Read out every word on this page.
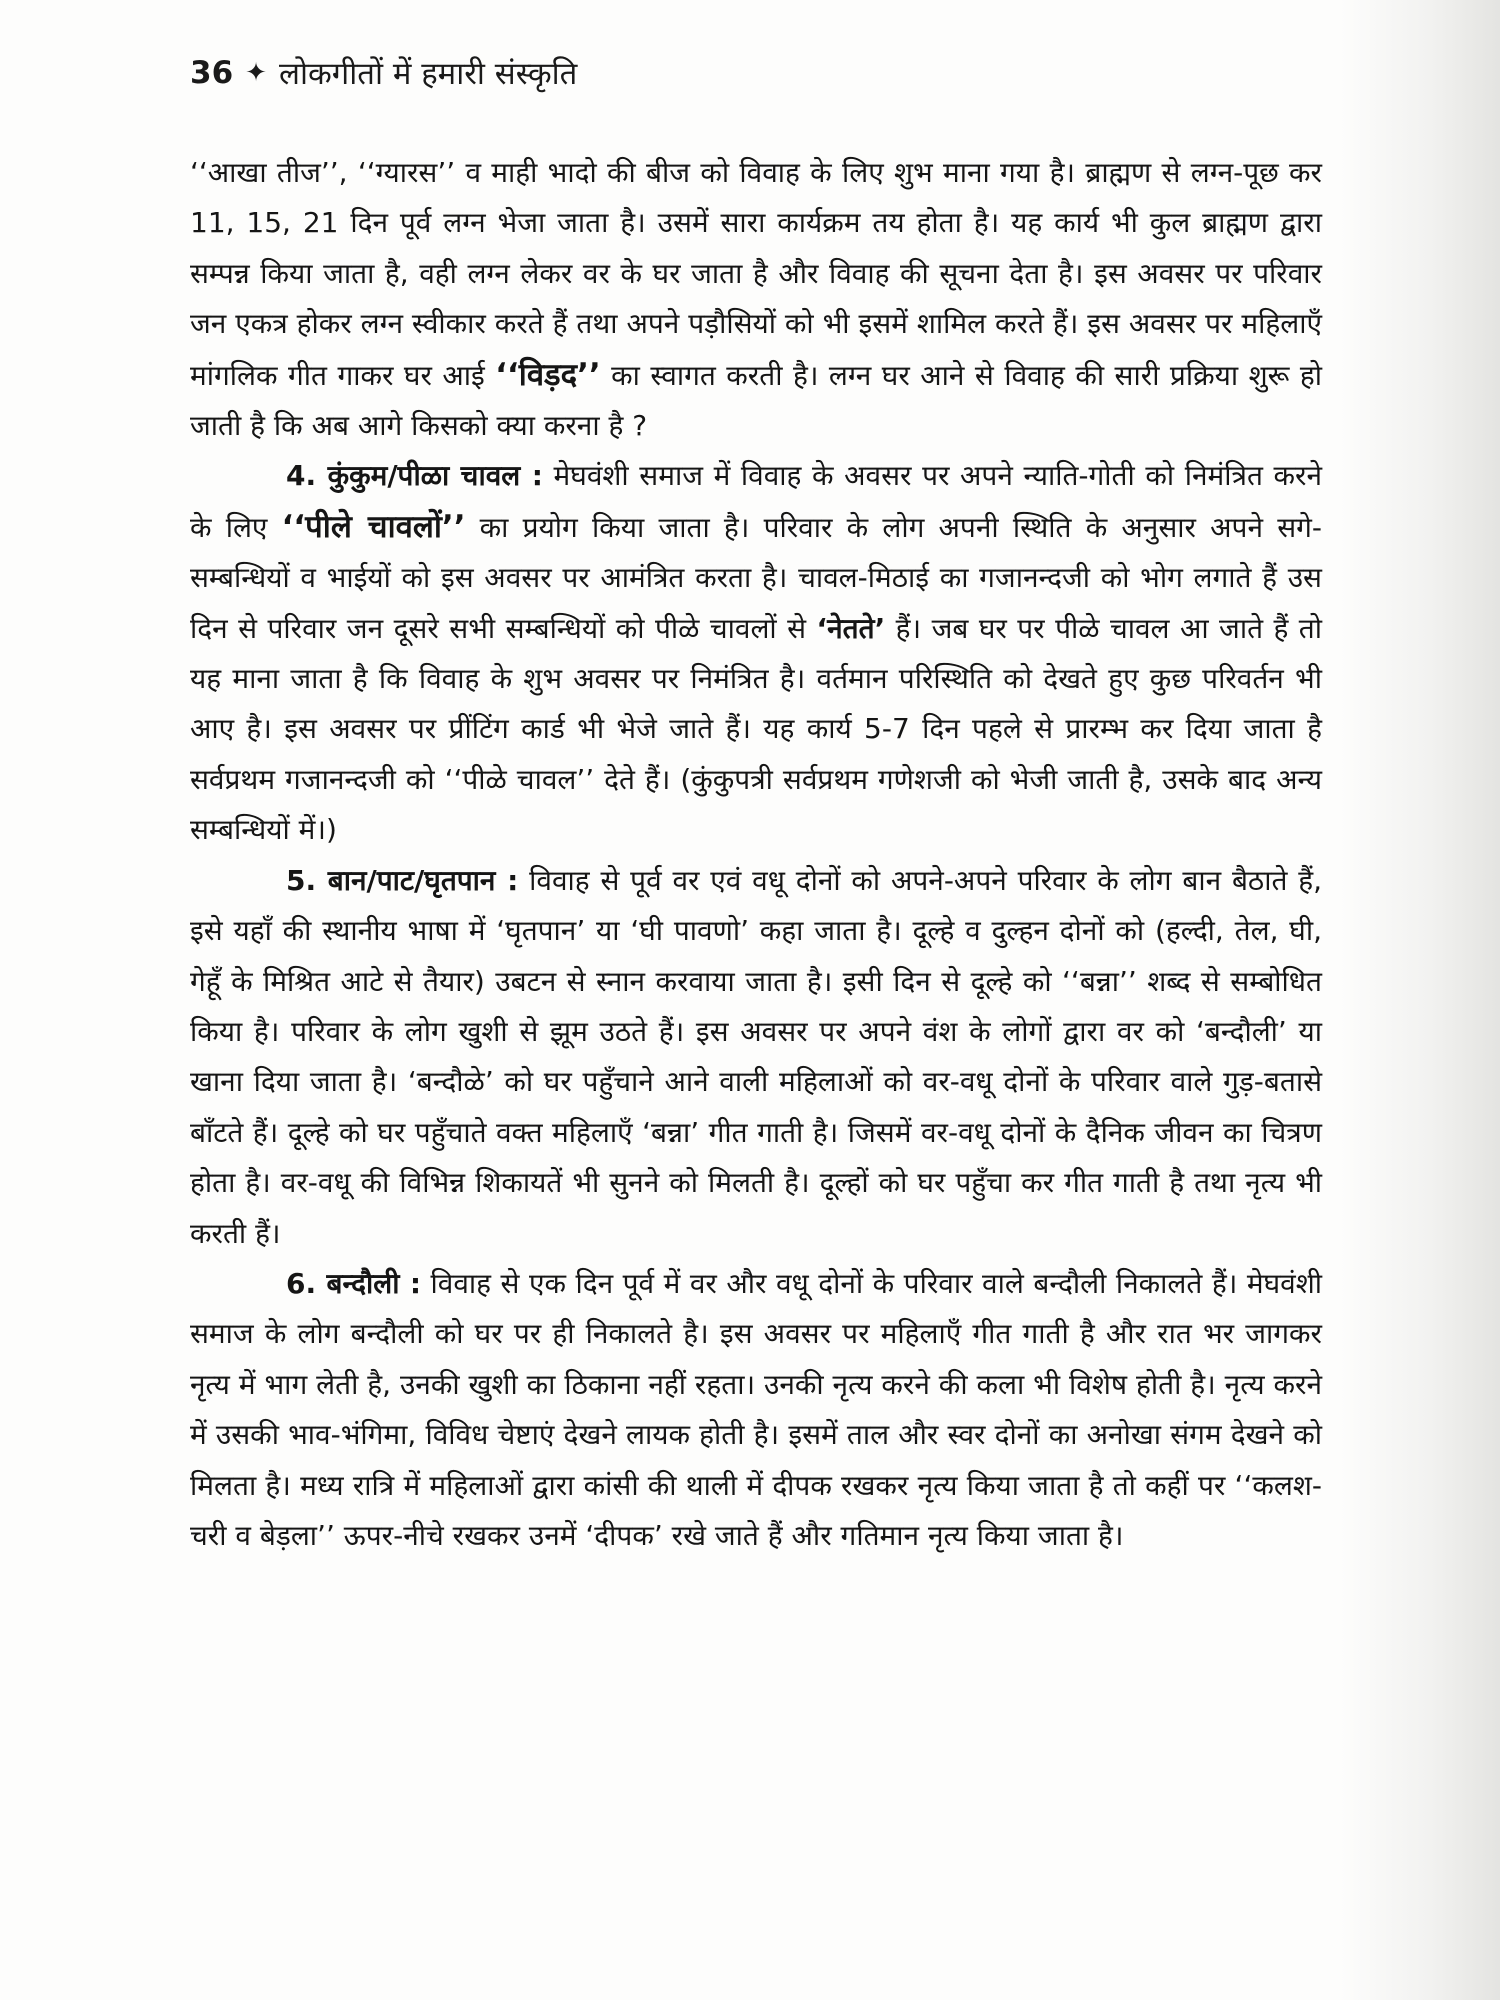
36 ✦ लोकगीतों में हमारी संस्कृति

‘‘आखा तीज’’, ‘‘ग्यारस’’ व माही भादो की बीज को विवाह के लिए शुभ माना गया है। ब्राह्मण से लग्न-पूछ कर 11, 15, 21 दिन पूर्व लग्न भेजा जाता है। उसमें सारा कार्यक्रम तय होता है। यह कार्य भी कुल ब्राह्मण द्वारा सम्पन्न किया जाता है, वही लग्न लेकर वर के घर जाता है और विवाह की सूचना देता है। इस अवसर पर परिवार जन एकत्र होकर लग्न स्वीकार करते हैं तथा अपने पड़ौसियों को भी इसमें शामिल करते हैं। इस अवसर पर महिलाएँ मांगलिक गीत गाकर घर आई ‘‘विड़द’’ का स्वागत करती है। लग्न घर आने से विवाह की सारी प्रक्रिया शुरू हो जाती है कि अब आगे किसको क्या करना है ?

4. कुंकुम/पीळा चावल : मेघवंशी समाज में विवाह के अवसर पर अपने न्याति-गोती को निमंत्रित करने के लिए ‘‘पीले चावलों’’ का प्रयोग किया जाता है। परिवार के लोग अपनी स्थिति के अनुसार अपने सगे-सम्बन्धियों व भाईयों को इस अवसर पर आमंत्रित करता है। चावल-मिठाई का गजानन्दजी को भोग लगाते हैं उस दिन से परिवार जन दूसरे सभी सम्बन्धियों को पीळे चावलों से ‘नेतते’ हैं। जब घर पर पीळे चावल आ जाते हैं तो यह माना जाता है कि विवाह के शुभ अवसर पर निमंत्रित है। वर्तमान परिस्थिति को देखते हुए कुछ परिवर्तन भी आए है। इस अवसर पर प्रींटिंग कार्ड भी भेजे जाते हैं। यह कार्य 5-7 दिन पहले से प्रारम्भ कर दिया जाता है सर्वप्रथम गजानन्दजी को ‘‘पीळे चावल’’ देते हैं। (कुंकुपत्री सर्वप्रथम गणेशजी को भेजी जाती है, उसके बाद अन्य सम्बन्धियों में।)

5. बान/पाट/घृतपान : विवाह से पूर्व वर एवं वधू दोनों को अपने-अपने परिवार के लोग बान बैठाते हैं, इसे यहाँ की स्थानीय भाषा में ‘घृतपान’ या ‘घी पावणो’ कहा जाता है। दूल्हे व दुल्हन दोनों को (हल्दी, तेल, घी, गेहूँ के मिश्रित आटे से तैयार) उबटन से स्नान करवाया जाता है। इसी दिन से दूल्हे को ‘‘बन्ना’’ शब्द से सम्बोधित किया है। परिवार के लोग खुशी से झूम उठते हैं। इस अवसर पर अपने वंश के लोगों द्वारा वर को ‘बन्दौली’ या खाना दिया जाता है। ‘बन्दौळे’ को घर पहुँचाने आने वाली महिलाओं को वर-वधू दोनों के परिवार वाले गुड़-बतासे बाँटते हैं। दूल्हे को घर पहुँचाते वक्त महिलाएँ ‘बन्ना’ गीत गाती है। जिसमें वर-वधू दोनों के दैनिक जीवन का चित्रण होता है। वर-वधू की विभिन्न शिकायतें भी सुनने को मिलती है। दूल्हों को घर पहुँचा कर गीत गाती है तथा नृत्य भी करती हैं।

6. बन्दौली : विवाह से एक दिन पूर्व में वर और वधू दोनों के परिवार वाले बन्दौली निकालते हैं। मेघवंशी समाज के लोग बन्दौली को घर पर ही निकालते है। इस अवसर पर महिलाएँ गीत गाती है और रात भर जागकर नृत्य में भाग लेती है, उनकी खुशी का ठिकाना नहीं रहता। उनकी नृत्य करने की कला भी विशेष होती है। नृत्य करने में उसकी भाव-भंगिमा, विविध चेष्टाएं देखने लायक होती है। इसमें ताल और स्वर दोनों का अनोखा संगम देखने को मिलता है। मध्य रात्रि में महिलाओं द्वारा कांसी की थाली में दीपक रखकर नृत्य किया जाता है तो कहीं पर ‘‘कलश-चरी व बेड़ला’’ ऊपर-नीचे रखकर उनमें ‘दीपक’ रखे जाते हैं और गतिमान नृत्य किया जाता है।
